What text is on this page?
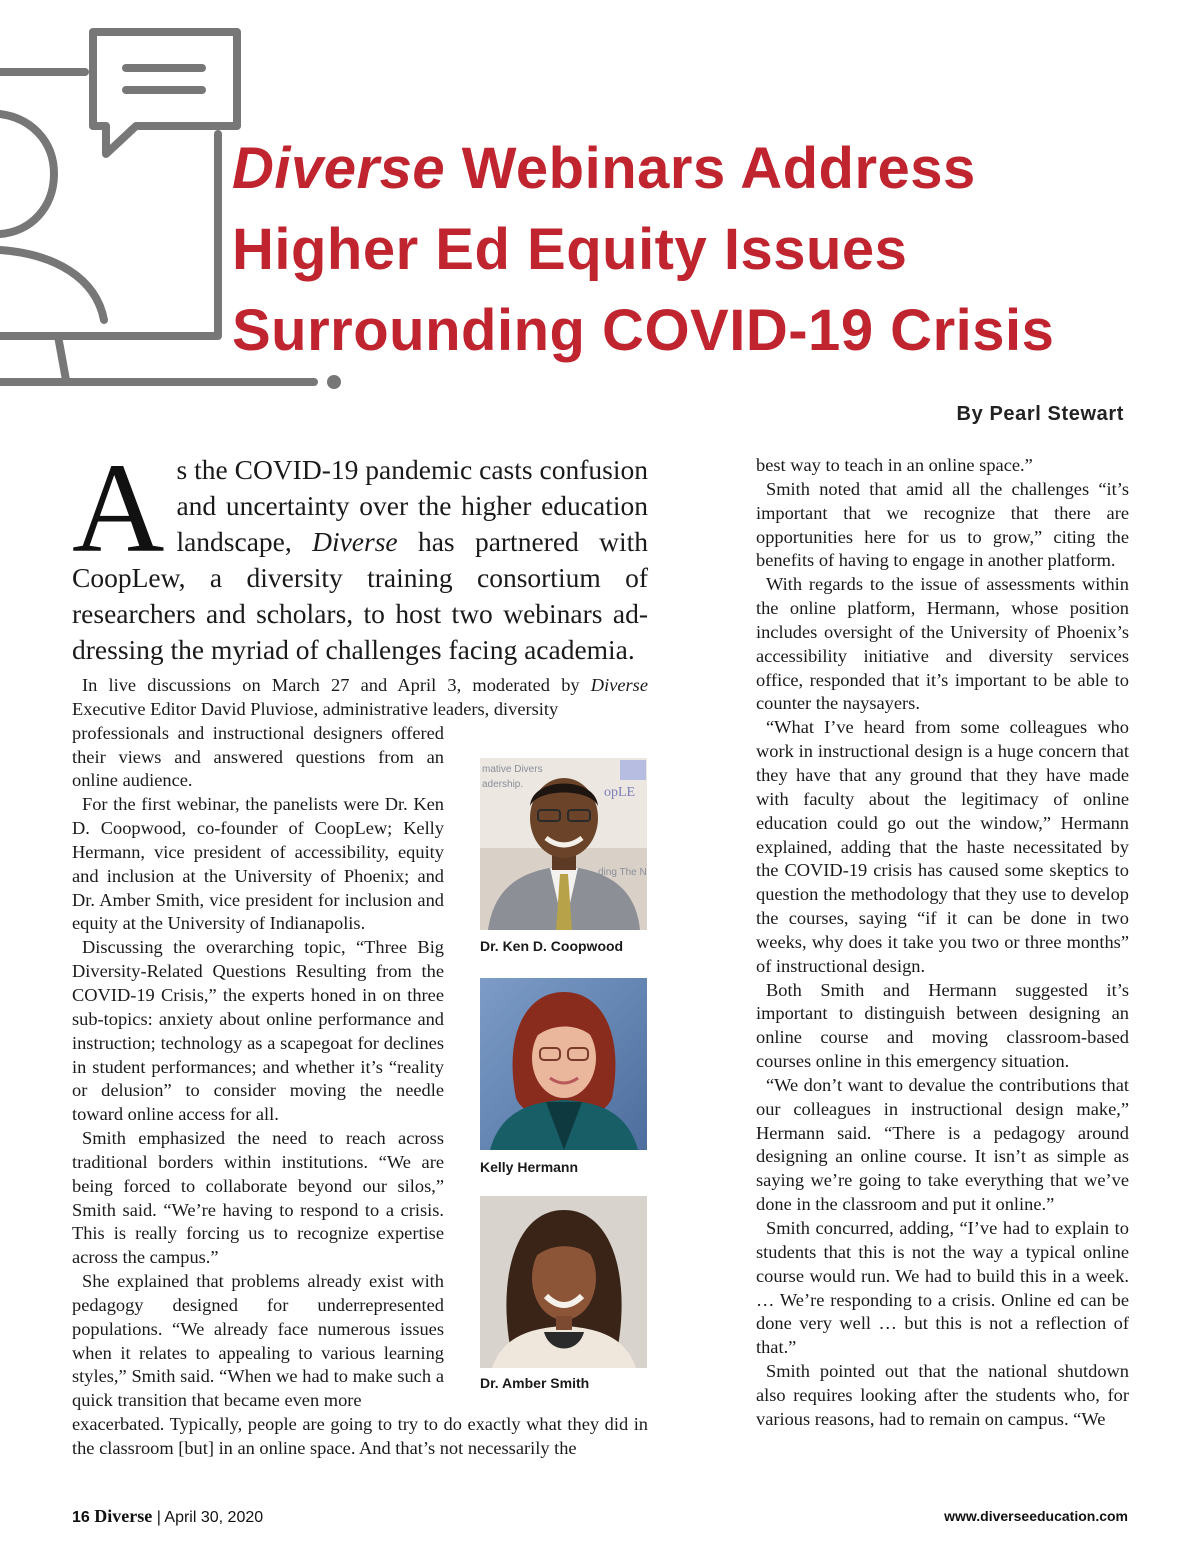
Diverse Webinars Address
Higher Ed Equity Issues
Surrounding COVID-19 Crisis
By Pearl Stewart

As the COVID-19 pandemic casts confusion and uncertainty over the higher education landscape, Diverse has partnered with CoopLew, a diversity training consortium of researchers and scholars, to host two webinars addressing the myriad of challenges facing academia.

In live discussions on March 27 and April 3, moderated by Diverse Executive Editor David Pluviose, administrative leaders, diversity

professionals and instructional designers offered their views and answered questions from an online audience.

For the first webinar, the panelists were Dr. Ken D. Coopwood, co-founder of CoopLew; Kelly Hermann, vice president of accessibility, equity and inclusion at the University of Phoenix; and Dr. Amber Smith, vice president for inclusion and equity at the University of Indianapolis.

Discussing the overarching topic, “Three Big Diversity-Related Questions Resulting from the COVID-19 Crisis,” the experts honed in on three sub-topics: anxiety about online performance and instruction; technology as a scapegoat for declines in student performances; and whether it’s “reality or delusion” to consider moving the needle toward online access for all.

Smith emphasized the need to reach across traditional borders within institutions. “We are being forced to collaborate beyond our silos,” Smith said. “We’re having to respond to a crisis. This is really forcing us to recognize expertise across the campus.”

She explained that problems already exist with pedagogy designed for underrepresented populations. “We already face numerous issues when it relates to appealing to various learning styles,” Smith said. “When we had to make such a quick transition that became even more

exacerbated. Typically, people are going to try to do exactly what they did in the classroom [but] in an online space. And that’s not necessarily the

mative Divers
adership.
opLE
ding The N
Dr. Ken D. Coopwood
Kelly Hermann
Dr. Amber Smith

best way to teach in an online space.”

Smith noted that amid all the challenges “it’s important that we recognize that there are opportunities here for us to grow,” citing the benefits of having to engage in another platform.

With regards to the issue of assessments within the online platform, Hermann, whose position includes oversight of the University of Phoenix’s accessibility initiative and diversity services office, responded that it’s important to be able to counter the naysayers.

“What I’ve heard from some colleagues who work in instructional design is a huge concern that they have that any ground that they have made with faculty about the legitimacy of online education could go out the window,” Hermann explained, adding that the haste necessitated by the COVID-19 crisis has caused some skeptics to question the methodology that they use to develop the courses, saying “if it can be done in two weeks, why does it take you two or three months” of instructional design.

Both Smith and Hermann suggested it’s important to distinguish between designing an online course and moving classroom-based courses online in this emergency situation.

“We don’t want to devalue the contributions that our colleagues in instructional design make,” Hermann said. “There is a pedagogy around designing an online course. It isn’t as simple as saying we’re going to take everything that we’ve done in the classroom and put it online.”

Smith concurred, adding, “I’ve had to explain to students that this is not the way a typical online course would run. We had to build this in a week. … We’re responding to a crisis. Online ed can be done very well … but this is not a reflection of that.”

Smith pointed out that the national shutdown also requires looking after the students who, for various reasons, had to remain on campus. “We

16 Diverse | April 30, 2020	www.diverseeducation.com
